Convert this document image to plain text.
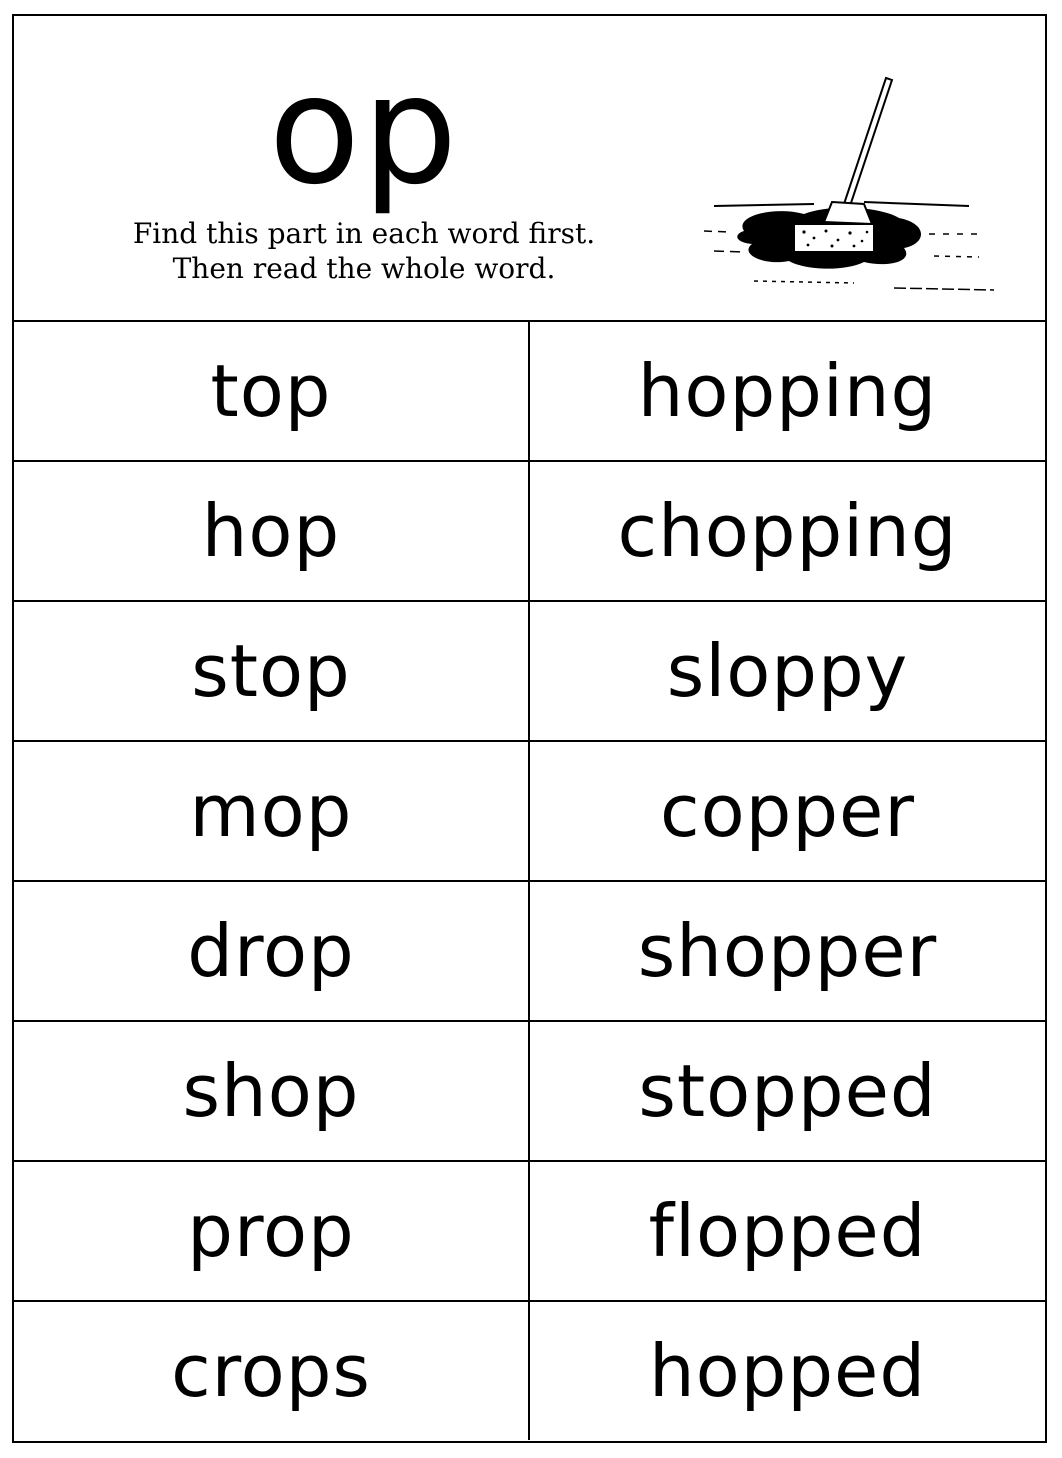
op
Find this part in each word first.
Then read the whole word.
top	hopping
hop	chopping
stop	sloppy
mop	copper
drop	shopper
shop	stopped
prop	flopped
crops	hopped
